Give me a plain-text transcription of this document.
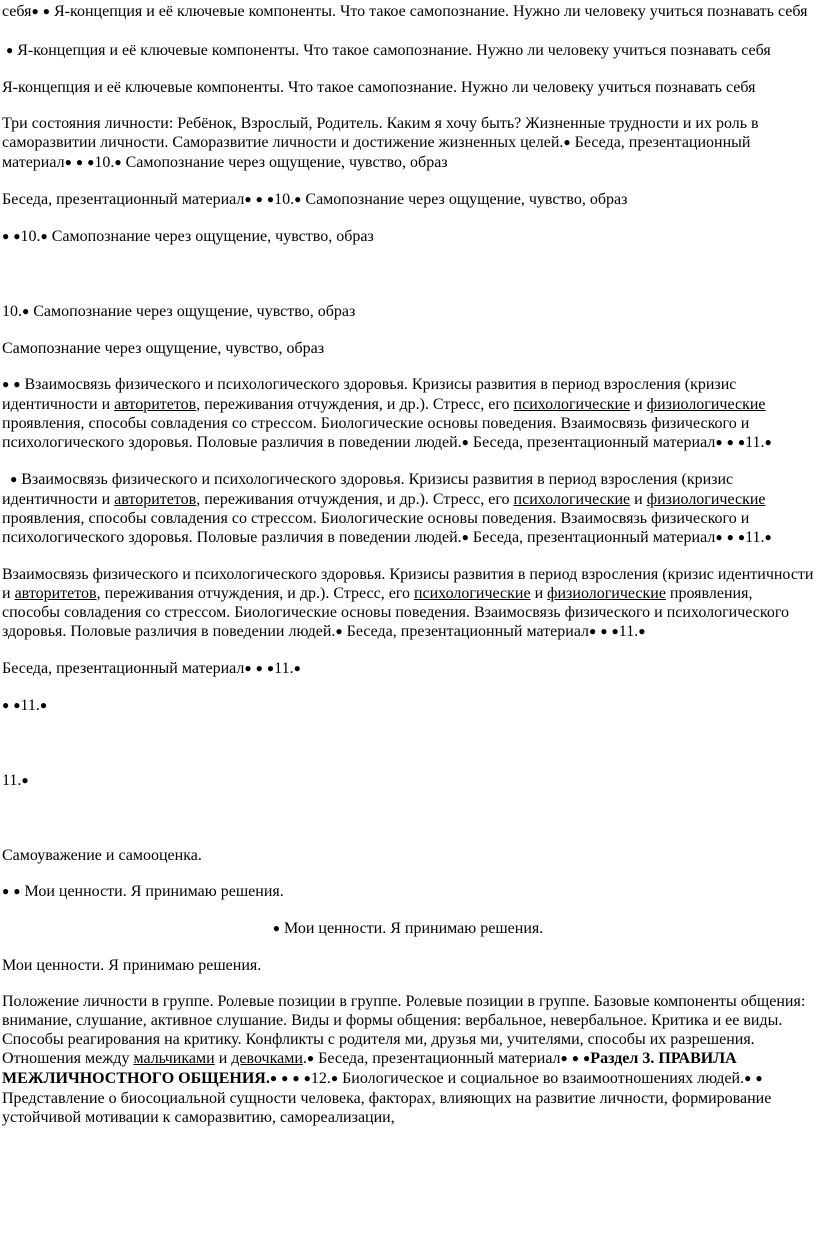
себя● ● Я-концепция и её ключевые компоненты. Что такое самопознание. Нужно ли человеку учиться познавать себя

● Я-концепция и её ключевые компоненты. Что такое самопознание. Нужно ли человеку учиться познавать себя

Я-концепция и её ключевые компоненты. Что такое самопознание. Нужно ли человеку учиться познавать себя

Три состояния личности: Ребёнок, Взрослый, Родитель. Каким я хочу быть? Жизненные трудности и их роль в саморазвитии личности. Саморазвитие личности и достижение жизненных целей.● Беседа, презентационный материал● ● ●10.● Самопознание через ощущение, чувство, образ

Беседа, презентационный материал● ● ●10.● Самопознание через ощущение, чувство, образ

● ●10.● Самопознание через ощущение, чувство, образ

10.● Самопознание через ощущение, чувство, образ

Самопознание через ощущение, чувство, образ

● ● Взаимосвязь физического и психологического здоровья. Кризисы развития в период взросления (кризис идентичности и авторитетов, переживания отчуждения, и др.). Стресс, его психологические и физиологические проявления, способы совладения со стрессом. Биологические основы поведения. Взаимосвязь физического и психологического здоровья. Половые различия в поведении людей.● Беседа, презентационный материал● ● ●11.●

● Взаимосвязь физического и психологического здоровья. Кризисы развития в период взросления (кризис идентичности и авторитетов, переживания отчуждения, и др.). Стресс, его психологические и физиологические проявления, способы совладения со стрессом. Биологические основы поведения. Взаимосвязь физического и психологического здоровья. Половые различия в поведении людей.● Беседа, презентационный материал● ● ●11.●

Взаимосвязь физического и психологического здоровья. Кризисы развития в период взросления (кризис идентичности и авторитетов, переживания отчуждения, и др.). Стресс, его психологические и физиологические проявления, способы совладения со стрессом. Биологические основы поведения. Взаимосвязь физического и психологического здоровья. Половые различия в поведении людей.● Беседа, презентационный материал● ● ●11.●

Беседа, презентационный материал● ● ●11.●

● ●11.●

11.●

Самоуважение и самооценка.

● ● Мои ценности. Я принимаю решения.

● Мои ценности. Я принимаю решения.

Мои ценности. Я принимаю решения.

Положение личности в группе. Ролевые позиции в группе. Ролевые позиции в группе. Базовые компоненты общения: внимание, слушание, активное слушание. Виды и формы общения: вербальное, невербальное. Критика и ее виды. Способы реагирования на критику. Конфликты с родителя ми, друзья ми, учителями, способы их разрешения. Отношения между мальчиками и девочками.● Беседа, презентационный материал● ● ●Раздел 3. ПРАВИЛА МЕЖЛИЧНОСТНОГО ОБЩЕНИЯ.● ● ● ●12.● Биологическое и социальное во взаимоотношениях людей.● ● Представление о биосоциальной сущности человека, факторах, влияющих на развитие личности, формирование устойчивой мотивации к саморазвитию, самореализации,
